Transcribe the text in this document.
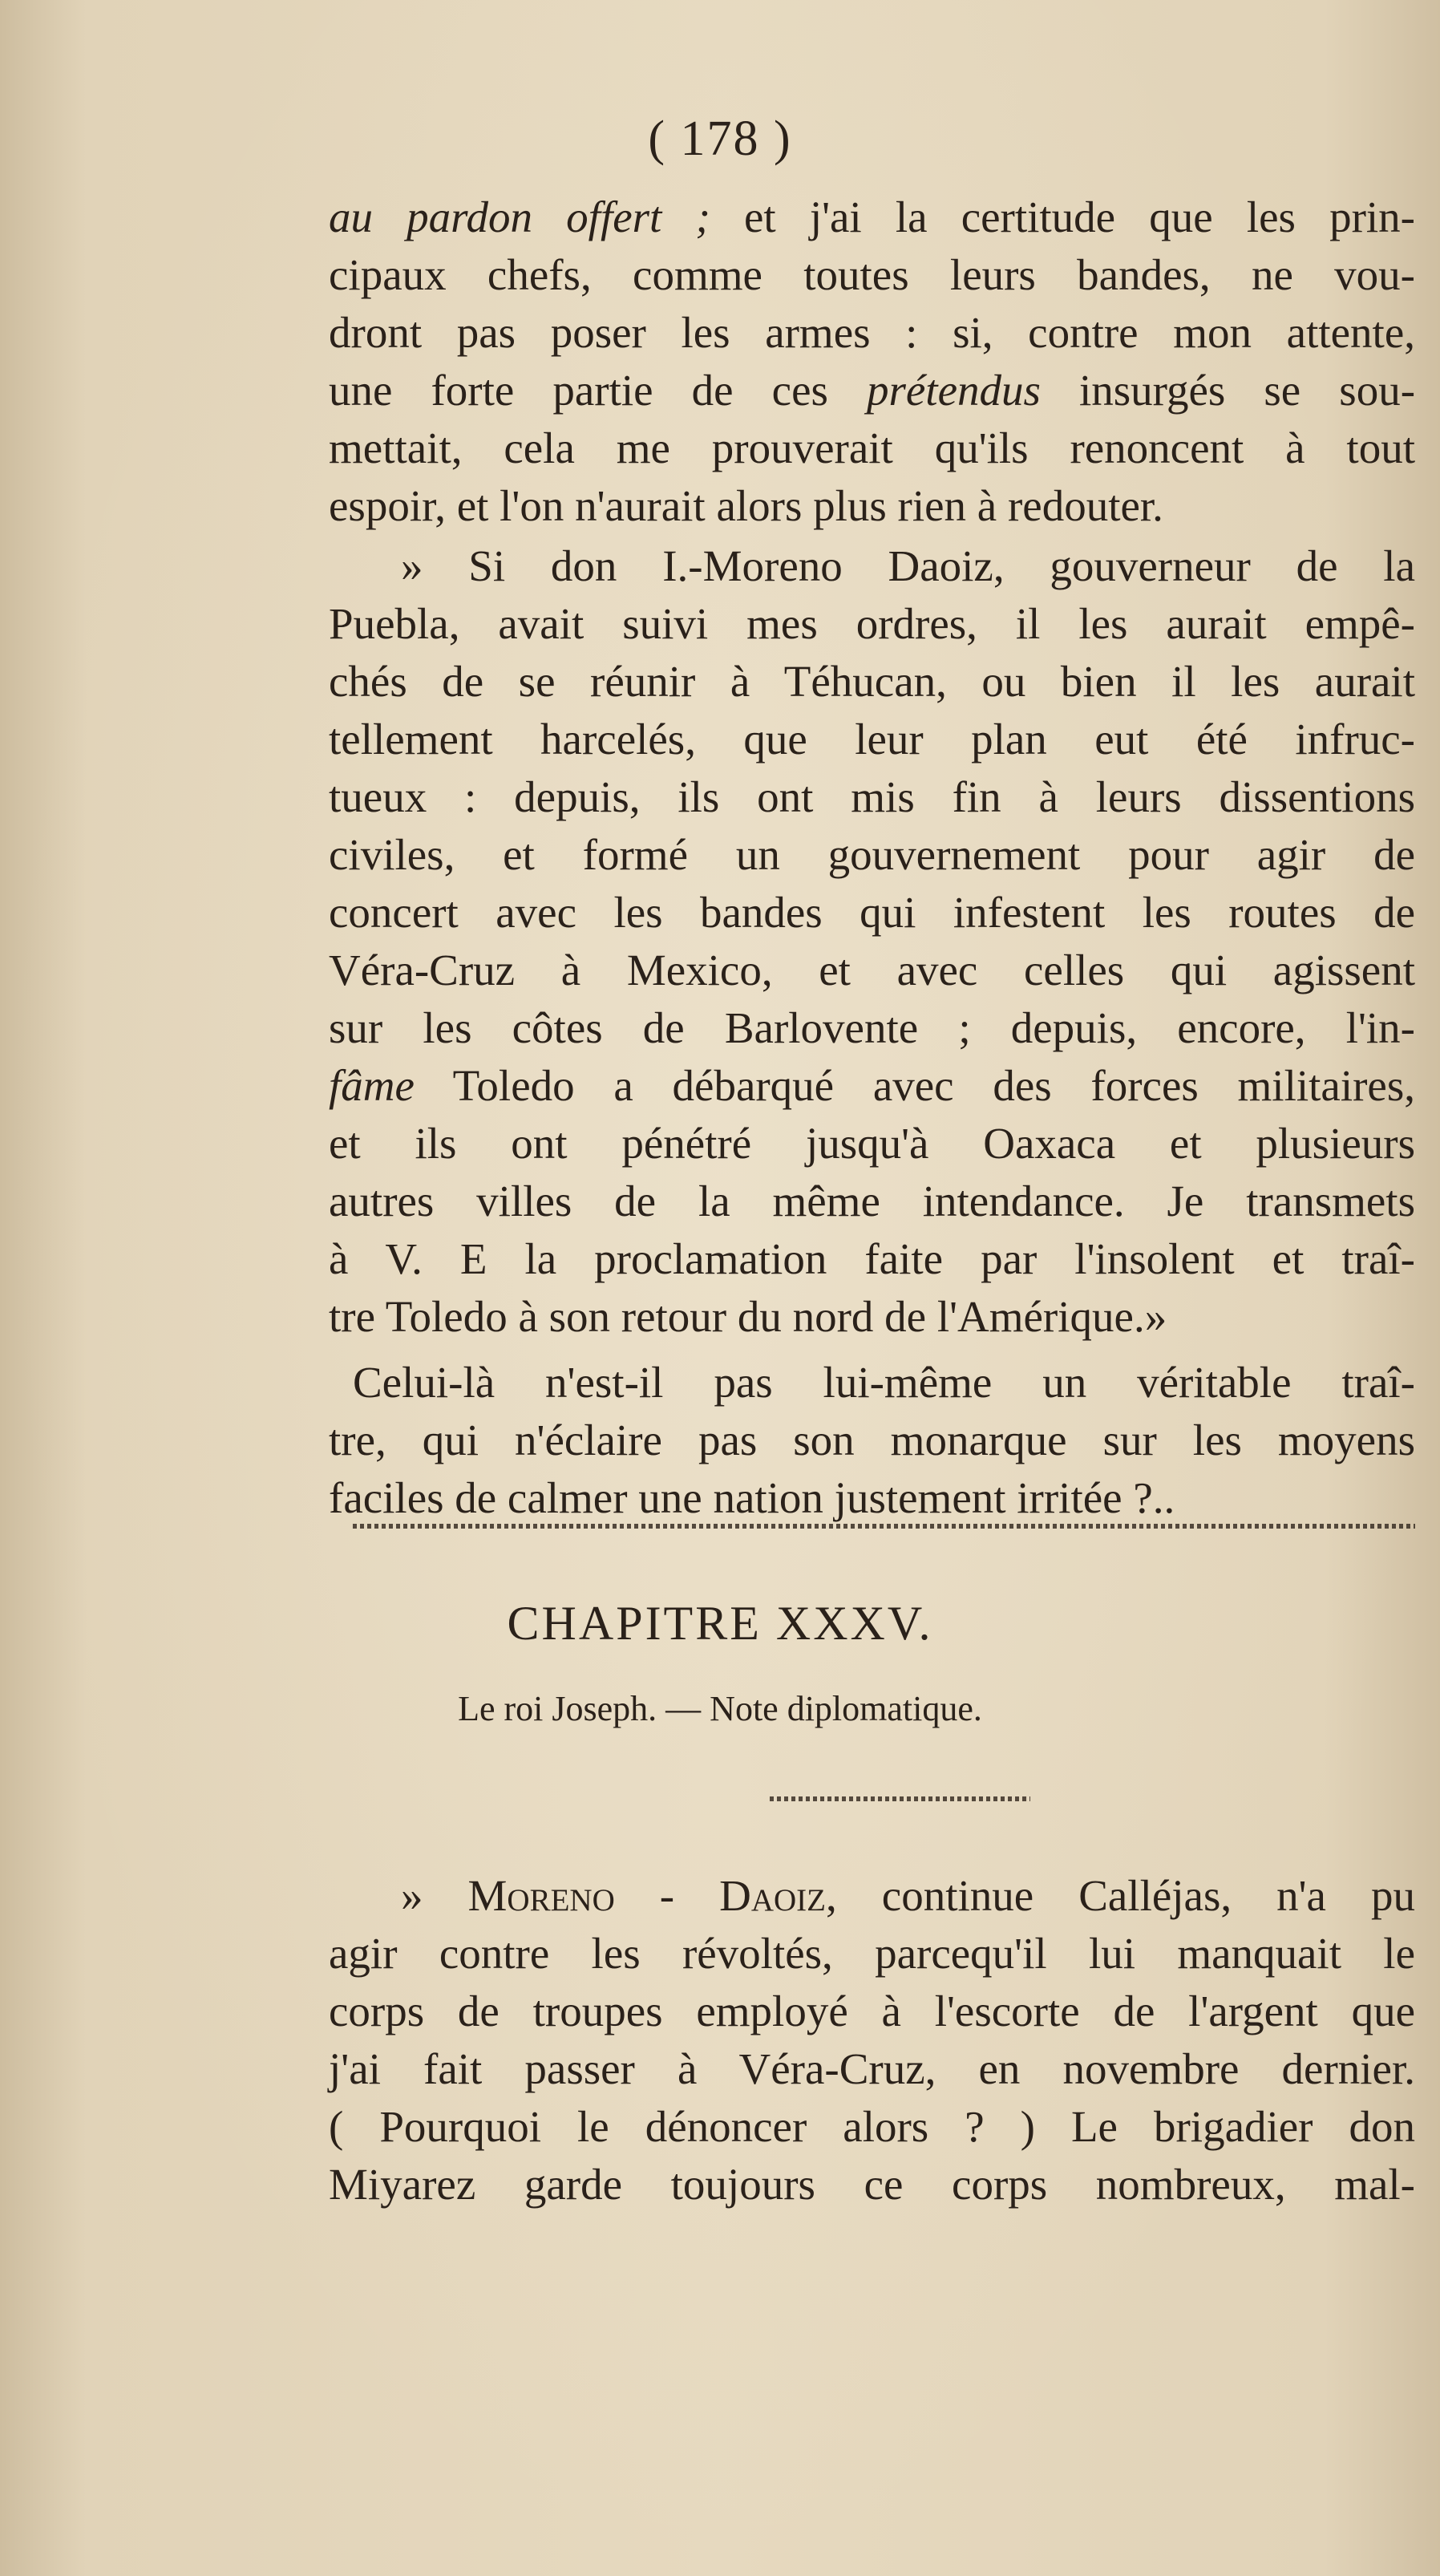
( 178 )
au pardon offert ; et j'ai la certitude que les prin-
cipaux chefs, comme toutes leurs bandes, ne vou-
dront pas poser les armes : si, contre mon attente,
une forte partie de ces prétendus insurgés se sou-
mettait, cela me prouverait qu'ils renoncent à tout
espoir, et l'on n'aurait alors plus rien à redouter.
» Si don I.-Moreno Daoiz, gouverneur de la
Puebla, avait suivi mes ordres, il les aurait empê-
chés de se réunir à Téhucan, ou bien il les aurait
tellement harcelés, que leur plan eut été infruc-
tueux : depuis, ils ont mis fin à leurs dissentions
civiles, et formé un gouvernement pour agir de
concert avec les bandes qui infestent les routes de
Véra-Cruz à Mexico, et avec celles qui agissent
sur les côtes de Barlovente ; depuis, encore, l'in-
fâme Toledo a débarqué avec des forces militaires,
et ils ont pénétré jusqu'à Oaxaca et plusieurs
autres villes de la même intendance. Je transmets
à V. E la proclamation faite par l'insolent et traî-
tre Toledo à son retour du nord de l'Amérique.»
Celui-là n'est-il pas lui-même un véritable traî-
tre, qui n'éclaire pas son monarque sur les moyens
faciles de calmer une nation justement irritée ?..
CHAPITRE XXXV.
Le roi Joseph. — Note diplomatique.
» Moreno - Daoiz, continue Calléjas, n'a pu
agir contre les révoltés, parcequ'il lui manquait le
corps de troupes employé à l'escorte de l'argent que
j'ai fait passer à Véra-Cruz, en novembre dernier.
( Pourquoi le dénoncer alors ? ) Le brigadier don
Miyarez garde toujours ce corps nombreux, mal-
